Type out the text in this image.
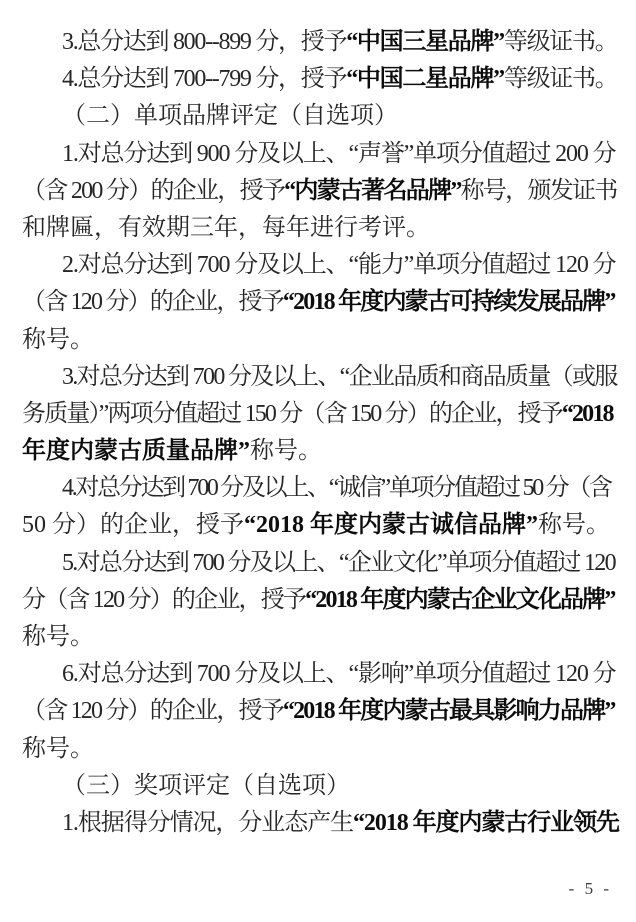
3.总分达到 800--899 分，授予“中国三星品牌”等级证书。
4.总分达到 700--799 分，授予“中国二星品牌”等级证书。
（二）单项品牌评定（自选项）
1.对总分达到 900 分及以上、“声誉”单项分值超过 200 分
（含 200 分）的企业，授予“内蒙古著名品牌”称号，颁发证书
和牌匾，有效期三年，每年进行考评。
2.对总分达到 700 分及以上、“能力”单项分值超过 120 分
（含 120 分）的企业，授予“2018 年度内蒙古可持续发展品牌”
称号。
3.对总分达到 700 分及以上、“企业品质和商品质量（或服
务质量）”两项分值超过 150 分（含 150 分）的企业，授予“2018
年度内蒙古质量品牌”称号。
4.对总分达到 700 分及以上、“诚信”单项分值超过 50 分（含
50 分）的企业，授予“2018 年度内蒙古诚信品牌”称号。
5.对总分达到 700 分及以上、“企业文化”单项分值超过 120
分（含 120 分）的企业，授予“2018 年度内蒙古企业文化品牌”
称号。
6.对总分达到 700 分及以上、“影响”单项分值超过 120 分
（含 120 分）的企业，授予“2018 年度内蒙古最具影响力品牌”
称号。
（三）奖项评定（自选项）
1.根据得分情况，分业态产生“2018 年度内蒙古行业领先
- 5 -
